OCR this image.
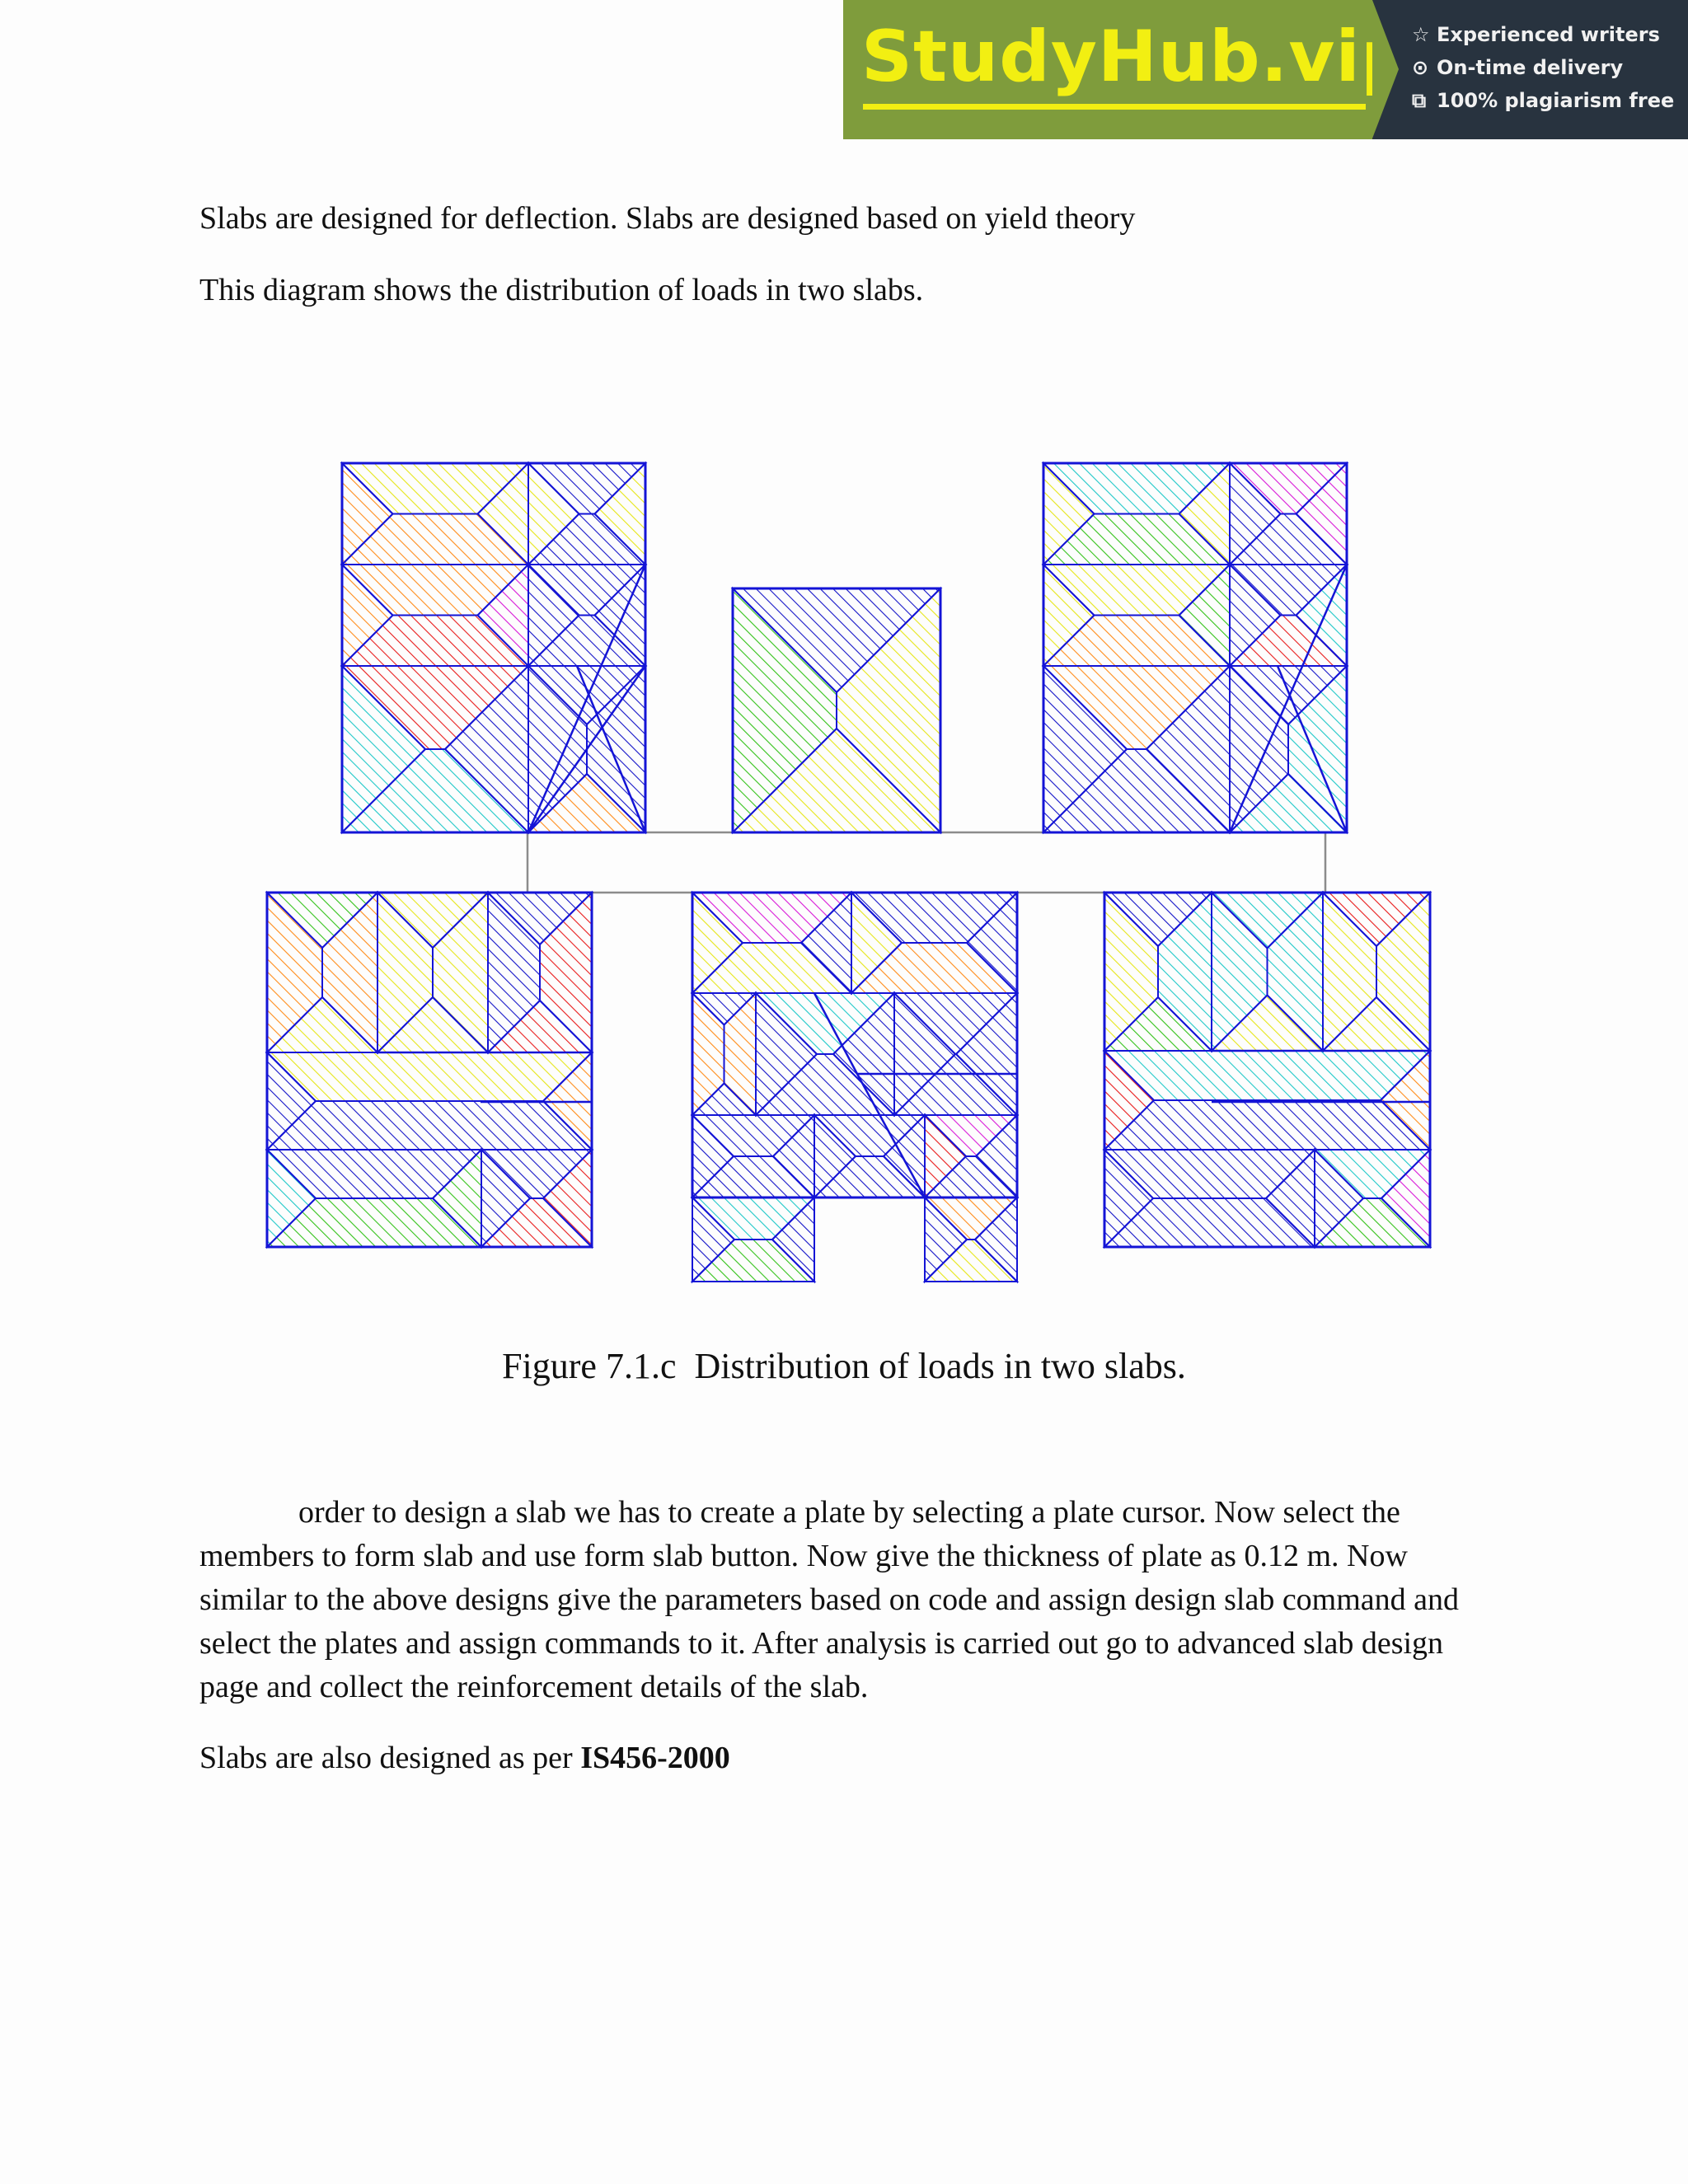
StudyHub.vip ☆ Experienced writers
⊙ On-time delivery
⧉ 100% plagiarism free

Slabs are designed for deflection. Slabs are designed based on yield theory

This diagram shows the distribution of loads in two slabs.

Figure 7.1.c  Distribution of loads in two slabs.

order to design a slab we has to create a plate by selecting a plate cursor. Now select the members to form slab and use form slab button. Now give the thickness of plate as 0.12 m. Now similar to the above designs give the parameters based on code and assign design slab command and select the plates and assign commands to it. After analysis is carried out go to advanced slab design page and collect the reinforcement details of the slab.

Slabs are also designed as per IS456-2000
